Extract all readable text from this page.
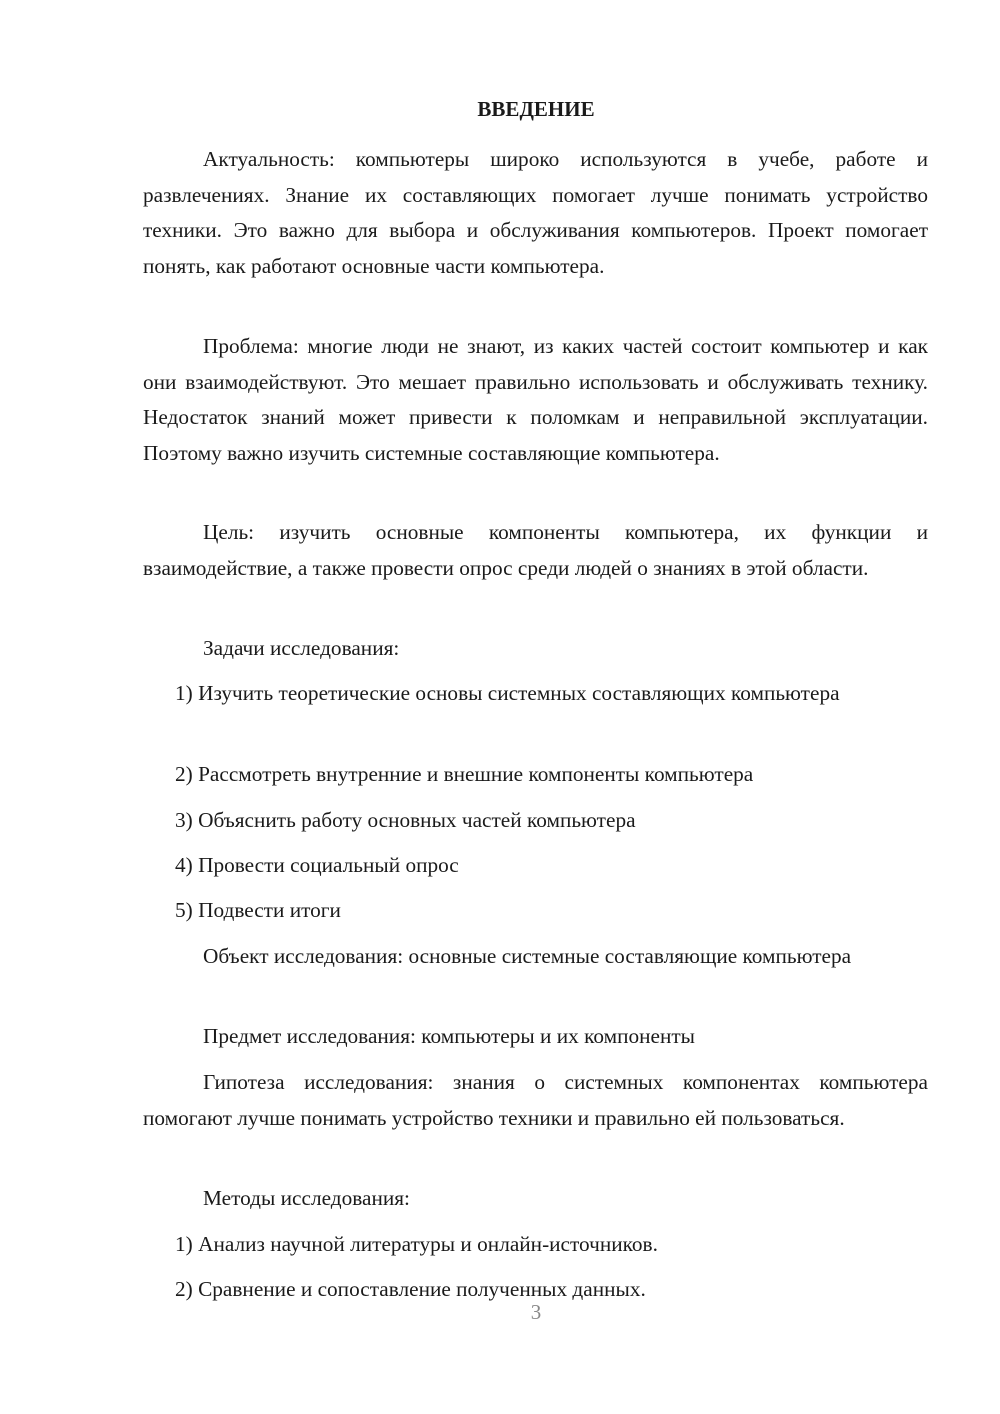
ВВЕДЕНИЕ
Актуальность: компьютеры широко используются в учебе, работе и развлечениях. Знание их составляющих помогает лучше понимать устройство техники. Это важно для выбора и обслуживания компьютеров. Проект помогает понять, как работают основные части компьютера.
Проблема: многие люди не знают, из каких частей состоит компьютер и как они взаимодействуют. Это мешает правильно использовать и обслуживать технику. Недостаток знаний может привести к поломкам и неправильной эксплуатации. Поэтому важно изучить системные составляющие компьютера.
Цель: изучить основные компоненты компьютера, их функции и взаимодействие, а также провести опрос среди людей о знаниях в этой области.
Задачи исследования:
1) Изучить теоретические основы системных составляющих компьютера
2) Рассмотреть внутренние и внешние компоненты компьютера
3) Объяснить работу основных частей компьютера
4) Провести социальный опрос
5) Подвести итоги
Объект исследования: основные системные составляющие компьютера
Предмет исследования: компьютеры и их компоненты
Гипотеза исследования: знания о системных компонентах компьютера помогают лучше понимать устройство техники и правильно ей пользоваться.
Методы исследования:
1) Анализ научной литературы и онлайн-источников.
2) Сравнение и сопоставление полученных данных.
3
